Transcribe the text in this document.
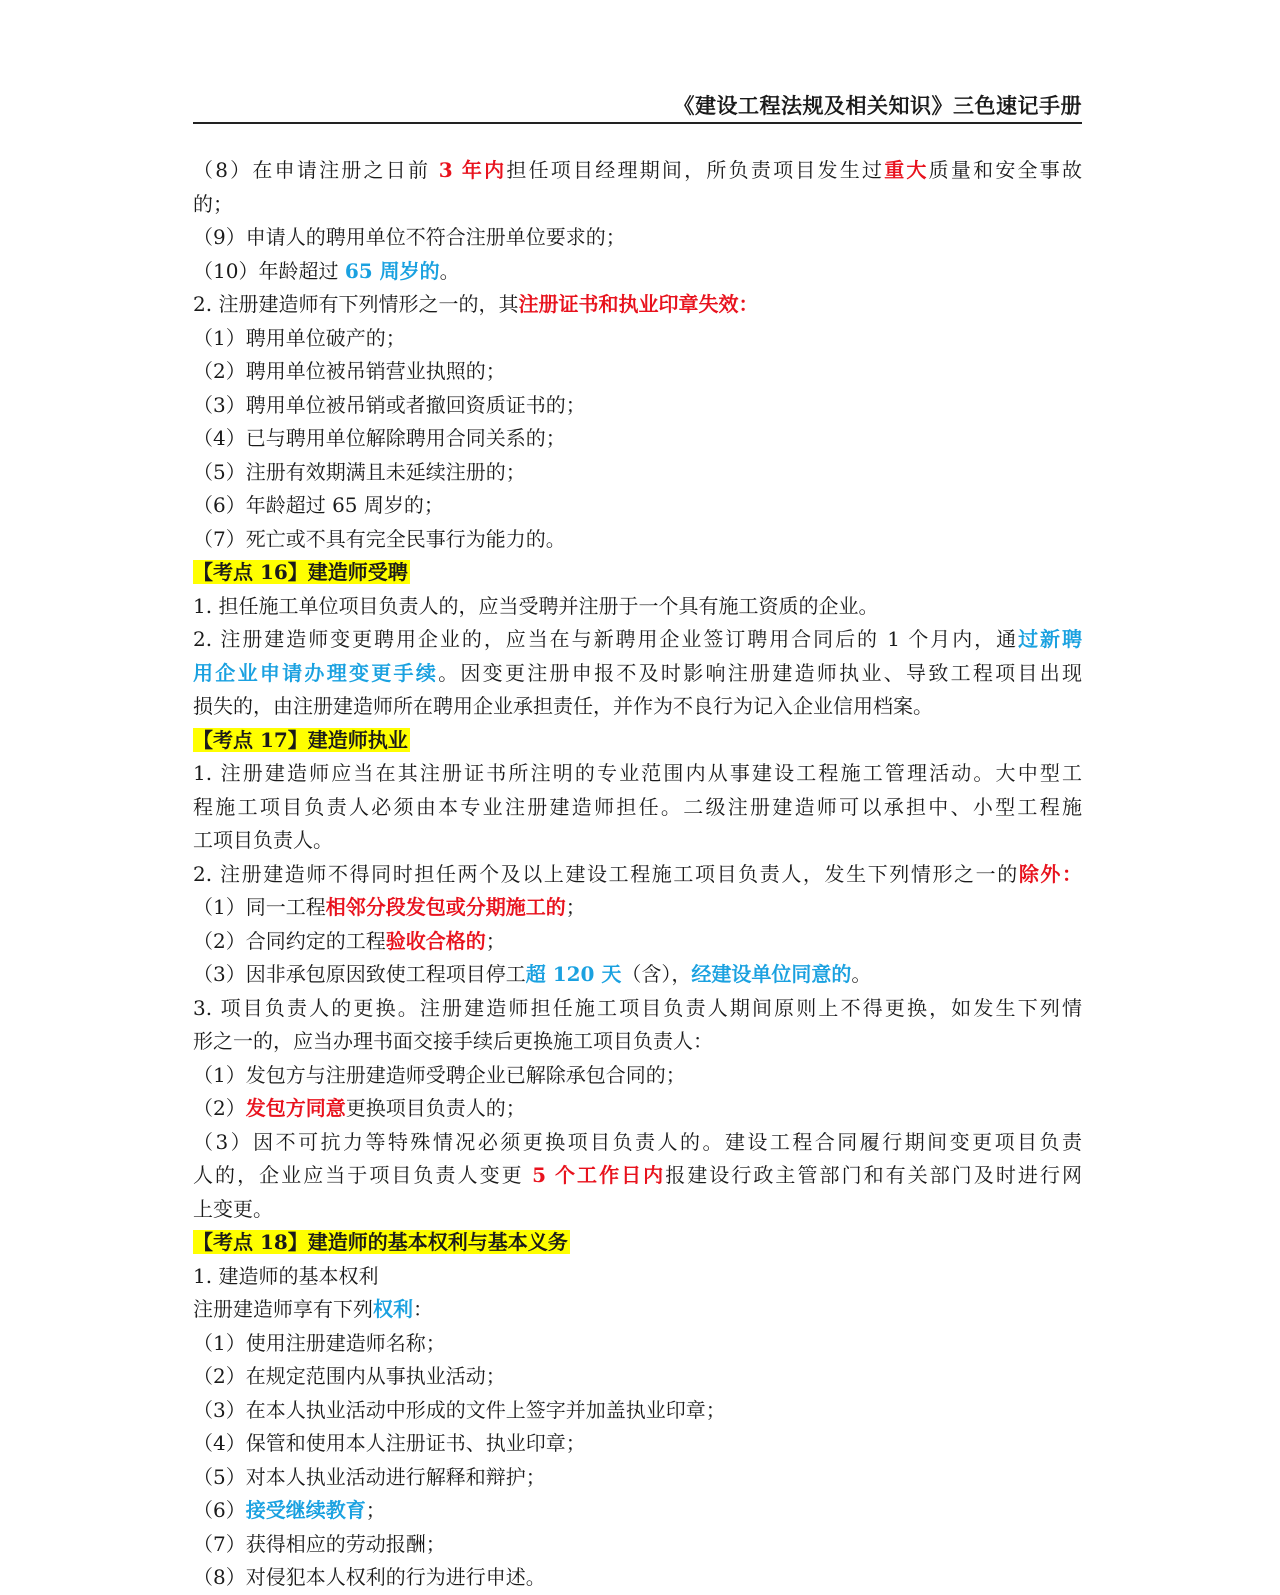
《建设工程法规及相关知识》三色速记手册
（8）在申请注册之日前 3 年内担任项目经理期间，所负责项目发生过重大质量和安全事故
的；
（9）申请人的聘用单位不符合注册单位要求的；
（10）年龄超过 65 周岁的。
2. 注册建造师有下列情形之一的，其注册证书和执业印章失效：
（1）聘用单位破产的；
（2）聘用单位被吊销营业执照的；
（3）聘用单位被吊销或者撤回资质证书的；
（4）已与聘用单位解除聘用合同关系的；
（5）注册有效期满且未延续注册的；
（6）年龄超过 65 周岁的；
（7）死亡或不具有完全民事行为能力的。
【考点 16】建造师受聘
1. 担任施工单位项目负责人的，应当受聘并注册于一个具有施工资质的企业。
2. 注册建造师变更聘用企业的，应当在与新聘用企业签订聘用合同后的 1 个月内，通过新聘
用企业申请办理变更手续。因变更注册申报不及时影响注册建造师执业、导致工程项目出现
损失的，由注册建造师所在聘用企业承担责任，并作为不良行为记入企业信用档案。
【考点 17】建造师执业
1. 注册建造师应当在其注册证书所注明的专业范围内从事建设工程施工管理活动。大中型工
程施工项目负责人必须由本专业注册建造师担任。二级注册建造师可以承担中、小型工程施
工项目负责人。
2. 注册建造师不得同时担任两个及以上建设工程施工项目负责人，发生下列情形之一的除外：
（1）同一工程相邻分段发包或分期施工的；
（2）合同约定的工程验收合格的；
（3）因非承包原因致使工程项目停工超 120 天（含），经建设单位同意的。
3. 项目负责人的更换。注册建造师担任施工项目负责人期间原则上不得更换，如发生下列情
形之一的，应当办理书面交接手续后更换施工项目负责人：
（1）发包方与注册建造师受聘企业已解除承包合同的；
（2）发包方同意更换项目负责人的；
（3）因不可抗力等特殊情况必须更换项目负责人的。建设工程合同履行期间变更项目负责
人的，企业应当于项目负责人变更 5 个工作日内报建设行政主管部门和有关部门及时进行网
上变更。
【考点 18】建造师的基本权利与基本义务
1. 建造师的基本权利
注册建造师享有下列权利：
（1）使用注册建造师名称；
（2）在规定范围内从事执业活动；
（3）在本人执业活动中形成的文件上签字并加盖执业印章；
（4）保管和使用本人注册证书、执业印章；
（5）对本人执业活动进行解释和辩护；
（6）接受继续教育；
（7）获得相应的劳动报酬；
（8）对侵犯本人权利的行为进行申述。
